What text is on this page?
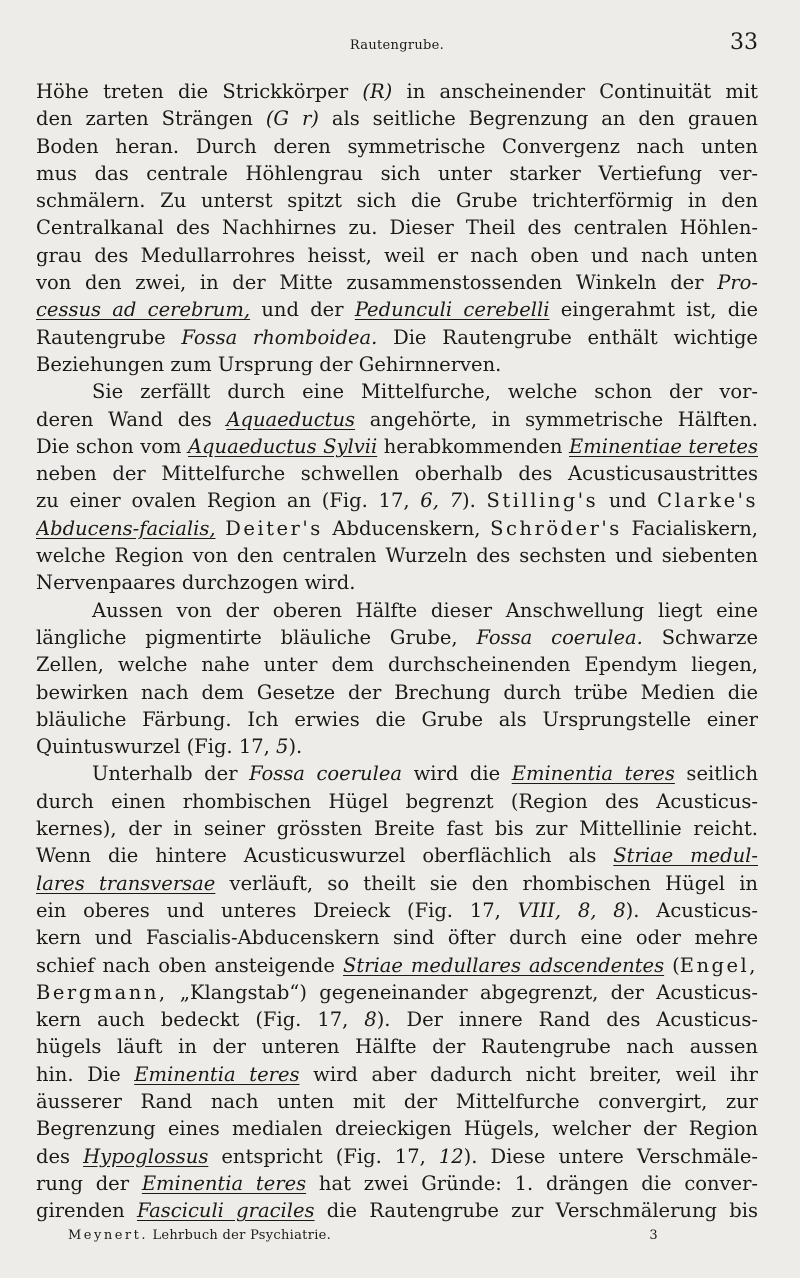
Rautengrube.	33
Höhe treten die Strickkörper (R) in anscheinender Continuität mit
den zarten Strängen (G r) als seitliche Begrenzung an den grauen
Boden heran. Durch deren symmetrische Convergenz nach unten
mus das centrale Höhlengrau sich unter starker Vertiefung ver-
schmälern. Zu unterst spitzt sich die Grube trichterförmig in den
Centralkanal des Nachhirnes zu. Dieser Theil des centralen Höhlen-
grau des Medullarrohres heisst, weil er nach oben und nach unten
von den zwei, in der Mitte zusammenstossenden Winkeln der Pro-
cessus ad cerebrum, und der Pedunculi cerebelli eingerahmt ist, die
Rautengrube Fossa rhomboidea. Die Rautengrube enthält wichtige
Beziehungen zum Ursprung der Gehirnnerven.
Sie zerfällt durch eine Mittelfurche, welche schon der vor-
deren Wand des Aquaeductus angehörte, in symmetrische Hälften.
Die schon vom Aquaeductus Sylvii herabkommenden Eminentiae teretes
neben der Mittelfurche schwellen oberhalb des Acusticusaustrittes
zu einer ovalen Region an (Fig. 17, 6, 7). Stilling's und Clarke's
Abducens-facialis, Deiter's Abducenskern, Schröder's Facialiskern,
welche Region von den centralen Wurzeln des sechsten und siebenten
Nervenpaares durchzogen wird.
Aussen von der oberen Hälfte dieser Anschwellung liegt eine
längliche pigmentirte bläuliche Grube, Fossa coerulea. Schwarze
Zellen, welche nahe unter dem durchscheinenden Ependym liegen,
bewirken nach dem Gesetze der Brechung durch trübe Medien die
bläuliche Färbung. Ich erwies die Grube als Ursprungstelle einer
Quintuswurzel (Fig. 17, 5).
Unterhalb der Fossa coerulea wird die Eminentia teres seitlich
durch einen rhombischen Hügel begrenzt (Region des Acusticus-
kernes), der in seiner grössten Breite fast bis zur Mittellinie reicht.
Wenn die hintere Acusticuswurzel oberflächlich als Striae medul-
lares transversae verläuft, so theilt sie den rhombischen Hügel in
ein oberes und unteres Dreieck (Fig. 17, VIII, 8, 8). Acusticus-
kern und Fascialis-Abducenskern sind öfter durch eine oder mehre
schief nach oben ansteigende Striae medullares adscendentes (Engel,
Bergmann, „Klangstab“) gegeneinander abgegrenzt, der Acusticus-
kern auch bedeckt (Fig. 17, 8). Der innere Rand des Acusticus-
hügels läuft in der unteren Hälfte der Rautengrube nach aussen
hin. Die Eminentia teres wird aber dadurch nicht breiter, weil ihr
äusserer Rand nach unten mit der Mittelfurche convergirt, zur
Begrenzung eines medialen dreieckigen Hügels, welcher der Region
des Hypoglossus entspricht (Fig. 17, 12). Diese untere Verschmäle-
rung der Eminentia teres hat zwei Gründe: 1. drängen die conver-
girenden Fasciculi graciles die Rautengrube zur Verschmälerung bis
Meynert. Lehrbuch der Psychiatrie.	3
